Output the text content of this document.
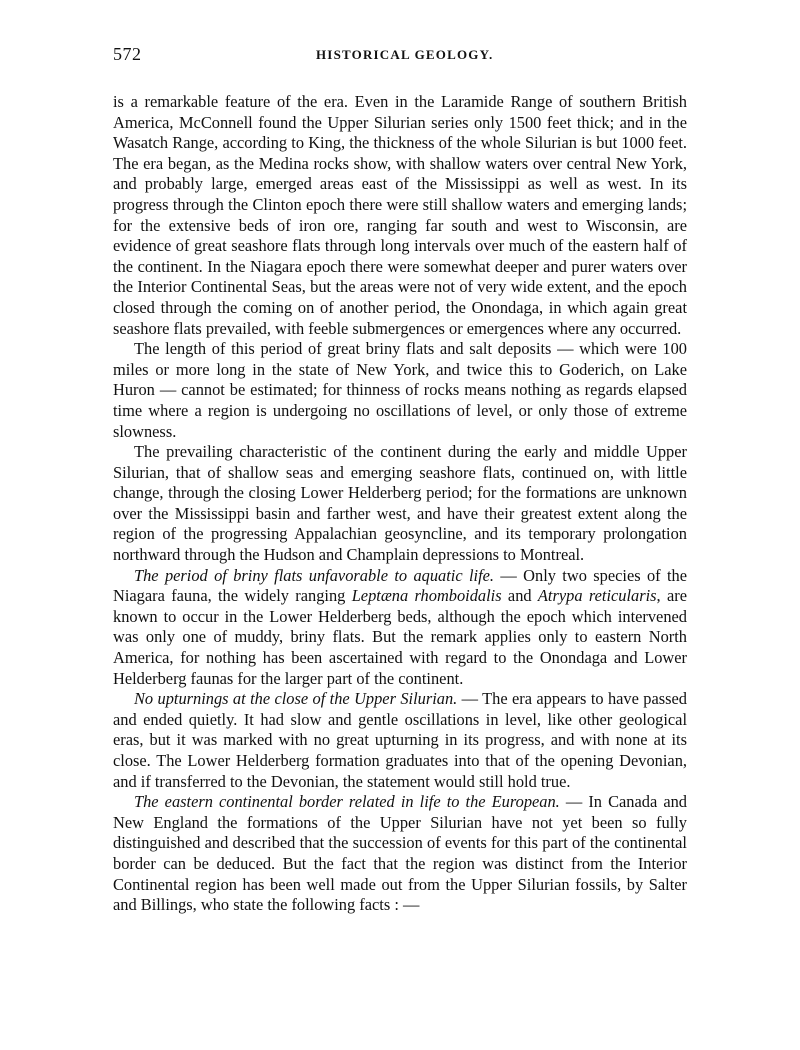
572	HISTORICAL GEOLOGY.

is a remarkable feature of the era. Even in the Laramide Range of southern British America, McConnell found the Upper Silurian series only 1500 feet thick; and in the Wasatch Range, according to King, the thickness of the whole Silurian is but 1000 feet. The era began, as the Medina rocks show, with shallow waters over central New York, and probably large, emerged areas east of the Mississippi as well as west. In its progress through the Clinton epoch there were still shallow waters and emerging lands; for the extensive beds of iron ore, ranging far south and west to Wisconsin, are evidence of great seashore flats through long intervals over much of the eastern half of the continent. In the Niagara epoch there were somewhat deeper and purer waters over the Interior Continental Seas, but the areas were not of very wide extent, and the epoch closed through the coming on of another period, the Onondaga, in which again great seashore flats prevailed, with feeble submergences or emergences where any occurred.

The length of this period of great briny flats and salt deposits — which were 100 miles or more long in the state of New York, and twice this to Goderich, on Lake Huron — cannot be estimated; for thinness of rocks means nothing as regards elapsed time where a region is undergoing no oscillations of level, or only those of extreme slowness.

The prevailing characteristic of the continent during the early and middle Upper Silurian, that of shallow seas and emerging seashore flats, continued on, with little change, through the closing Lower Helderberg period; for the formations are unknown over the Mississippi basin and farther west, and have their greatest extent along the region of the progressing Appalachian geosyncline, and its temporary prolongation northward through the Hudson and Champlain depressions to Montreal.

The period of briny flats unfavorable to aquatic life. — Only two species of the Niagara fauna, the widely ranging Leptæna rhomboidalis and Atrypa reticularis, are known to occur in the Lower Helderberg beds, although the epoch which intervened was only one of muddy, briny flats. But the remark applies only to eastern North America, for nothing has been ascertained with regard to the Onondaga and Lower Helderberg faunas for the larger part of the continent.

No upturnings at the close of the Upper Silurian. — The era appears to have passed and ended quietly. It had slow and gentle oscillations in level, like other geological eras, but it was marked with no great upturning in its progress, and with none at its close. The Lower Helderberg formation graduates into that of the opening Devonian, and if transferred to the Devonian, the statement would still hold true.

The eastern continental border related in life to the European. — In Canada and New England the formations of the Upper Silurian have not yet been so fully distinguished and described that the succession of events for this part of the continental border can be deduced. But the fact that the region was distinct from the Interior Continental region has been well made out from the Upper Silurian fossils, by Salter and Billings, who state the following facts : —
